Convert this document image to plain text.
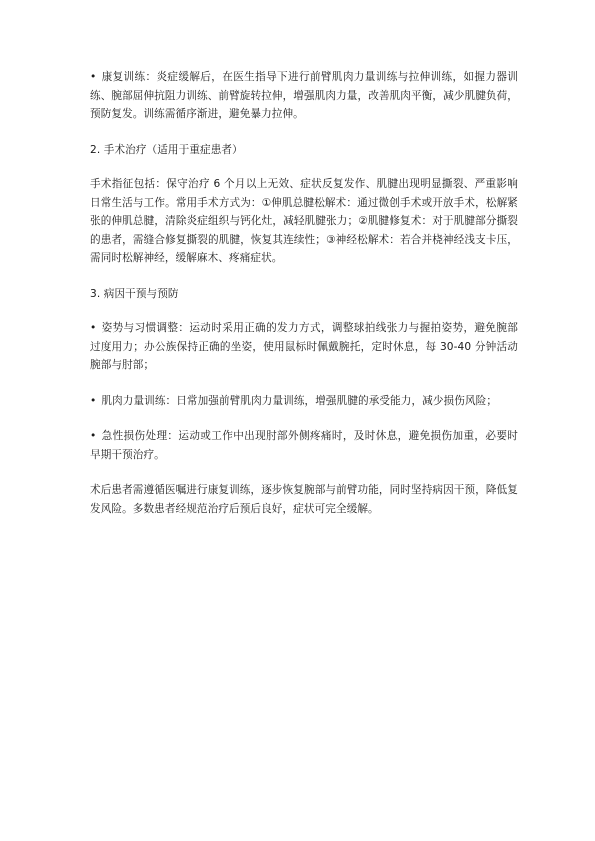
• 康复训练：炎症缓解后，在医生指导下进行前臂肌肉力量训练与拉伸训练，如握力器训练、腕部屈伸抗阻力训练、前臂旋转拉伸，增强肌肉力量，改善肌肉平衡，减少肌腱负荷，预防复发。训练需循序渐进，避免暴力拉伸。

2. 手术治疗（适用于重症患者）

手术指征包括：保守治疗 6 个月以上无效、症状反复发作、肌腱出现明显撕裂、严重影响日常生活与工作。常用手术方式为：①伸肌总腱松解术：通过微创手术或开放手术，松解紧张的伸肌总腱，清除炎症组织与钙化灶，减轻肌腱张力；②肌腱修复术：对于肌腱部分撕裂的患者，需缝合修复撕裂的肌腱，恢复其连续性；③神经松解术：若合并桡神经浅支卡压，需同时松解神经，缓解麻木、疼痛症状。

3. 病因干预与预防

• 姿势与习惯调整：运动时采用正确的发力方式，调整球拍线张力与握拍姿势，避免腕部过度用力；办公族保持正确的坐姿，使用鼠标时佩戴腕托，定时休息，每 30-40 分钟活动腕部与肘部；

• 肌肉力量训练：日常加强前臂肌肉力量训练，增强肌腱的承受能力，减少损伤风险；

• 急性损伤处理：运动或工作中出现肘部外侧疼痛时，及时休息，避免损伤加重，必要时早期干预治疗。

术后患者需遵循医嘱进行康复训练，逐步恢复腕部与前臂功能，同时坚持病因干预，降低复发风险。多数患者经规范治疗后预后良好，症状可完全缓解。
